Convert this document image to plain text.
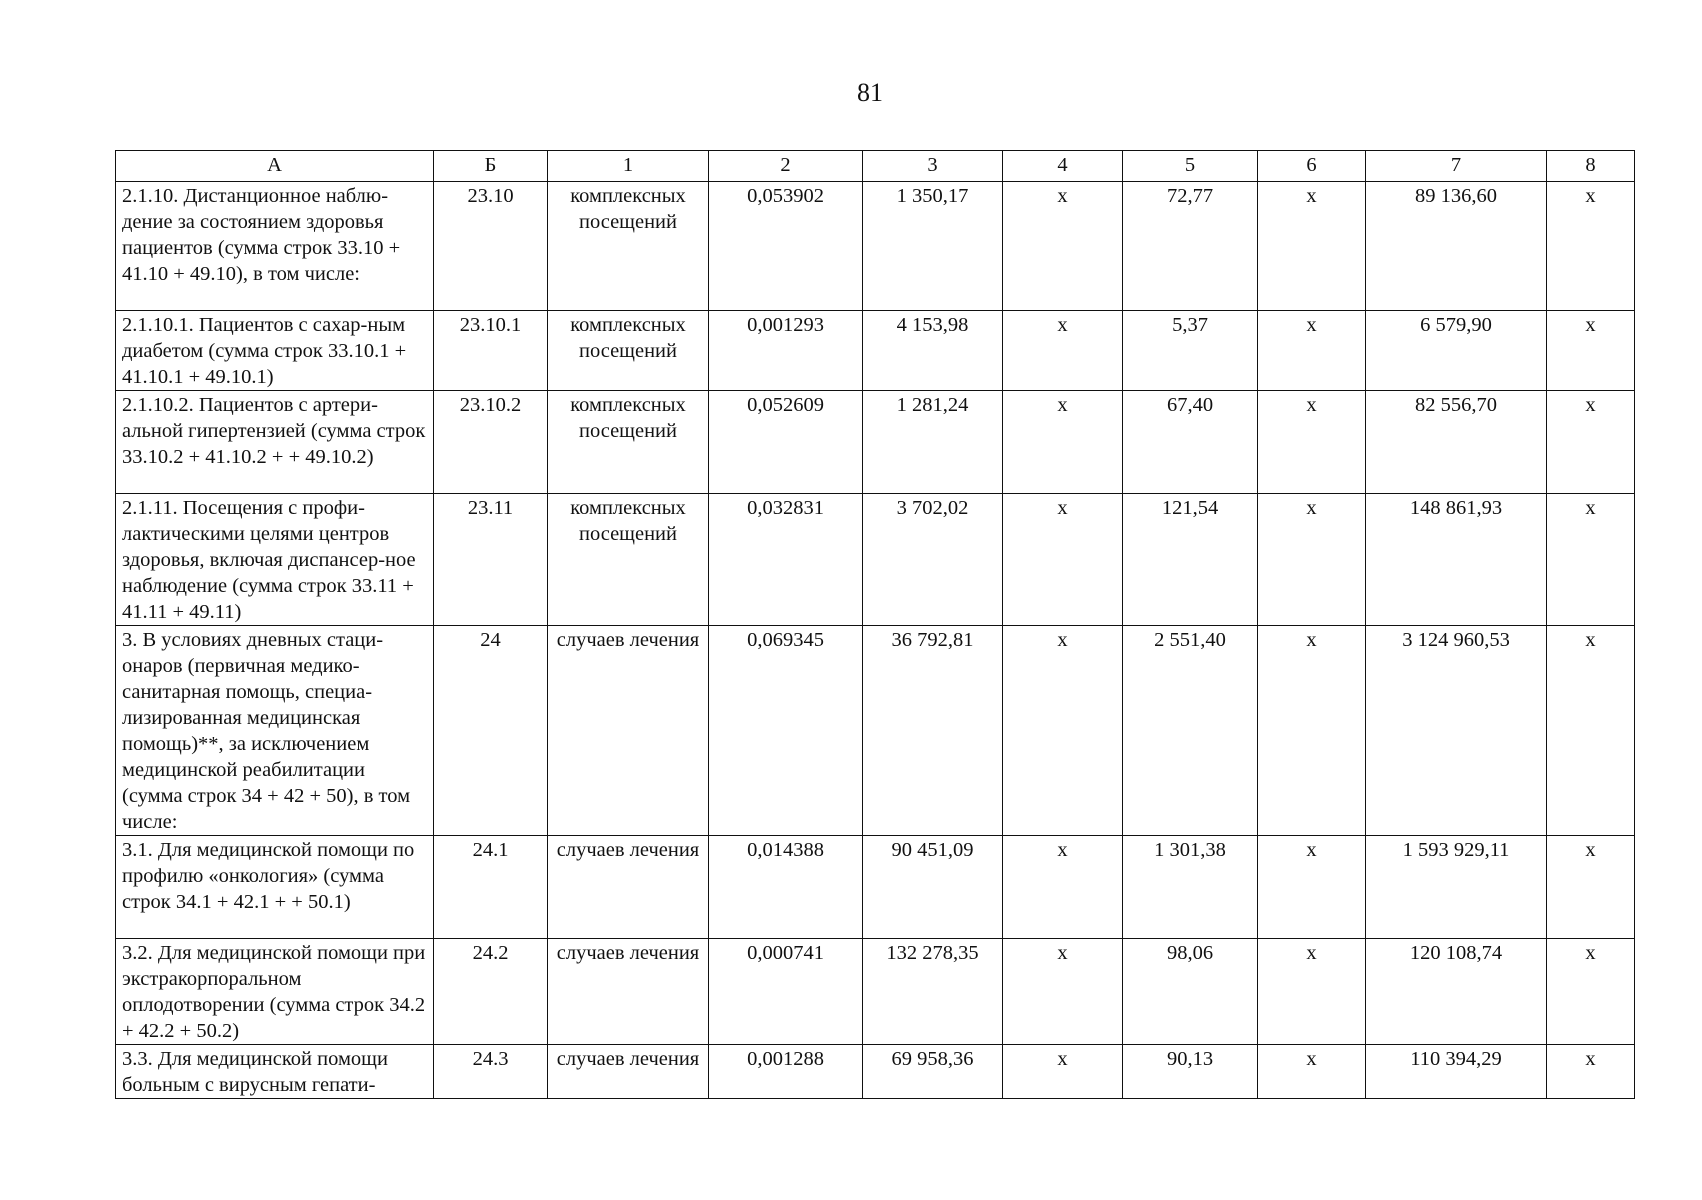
81
А	Б	1	2	3	4	5	6	7	8
2.1.10. Дистанционное наблю-дение за состоянием здоровья пациентов (сумма строк 33.10 + 41.10 + 49.10), в том числе:	23.10	комплексных посещений	0,053902	1 350,17	х	72,77	х	89 136,60	х
2.1.10.1. Пациентов с сахар-ным диабетом (сумма строк 33.10.1 + 41.10.1 + 49.10.1)	23.10.1	комплексных посещений	0,001293	4 153,98	х	5,37	х	6 579,90	х
2.1.10.2. Пациентов с артери-альной гипертензией (сумма строк 33.10.2 + 41.10.2 + + 49.10.2)	23.10.2	комплексных посещений	0,052609	1 281,24	х	67,40	х	82 556,70	х
2.1.11. Посещения с профи-лактическими целями центров здоровья, включая диспансер-ное наблюдение (сумма строк 33.11 + 41.11 + 49.11)	23.11	комплексных посещений	0,032831	3 702,02	х	121,54	х	148 861,93	х
3. В условиях дневных стаци-онаров (первичная медико-санитарная помощь, специа-лизированная медицинская помощь)**, за исключением медицинской реабилитации (сумма строк 34 + 42 + 50), в том числе:	24	случаев лечения	0,069345	36 792,81	х	2 551,40	х	3 124 960,53	х
3.1. Для медицинской помощи по профилю «онкология» (сумма строк 34.1 + 42.1 + + 50.1)	24.1	случаев лечения	0,014388	90 451,09	х	1 301,38	х	1 593 929,11	х
3.2. Для медицинской помощи при экстракорпоральном оплодотворении (сумма строк 34.2 + 42.2 + 50.2)	24.2	случаев лечения	0,000741	132 278,35	х	98,06	х	120 108,74	х
3.3. Для медицинской помощи больным с вирусным гепати-	24.3	случаев лечения	0,001288	69 958,36	х	90,13	х	110 394,29	х
